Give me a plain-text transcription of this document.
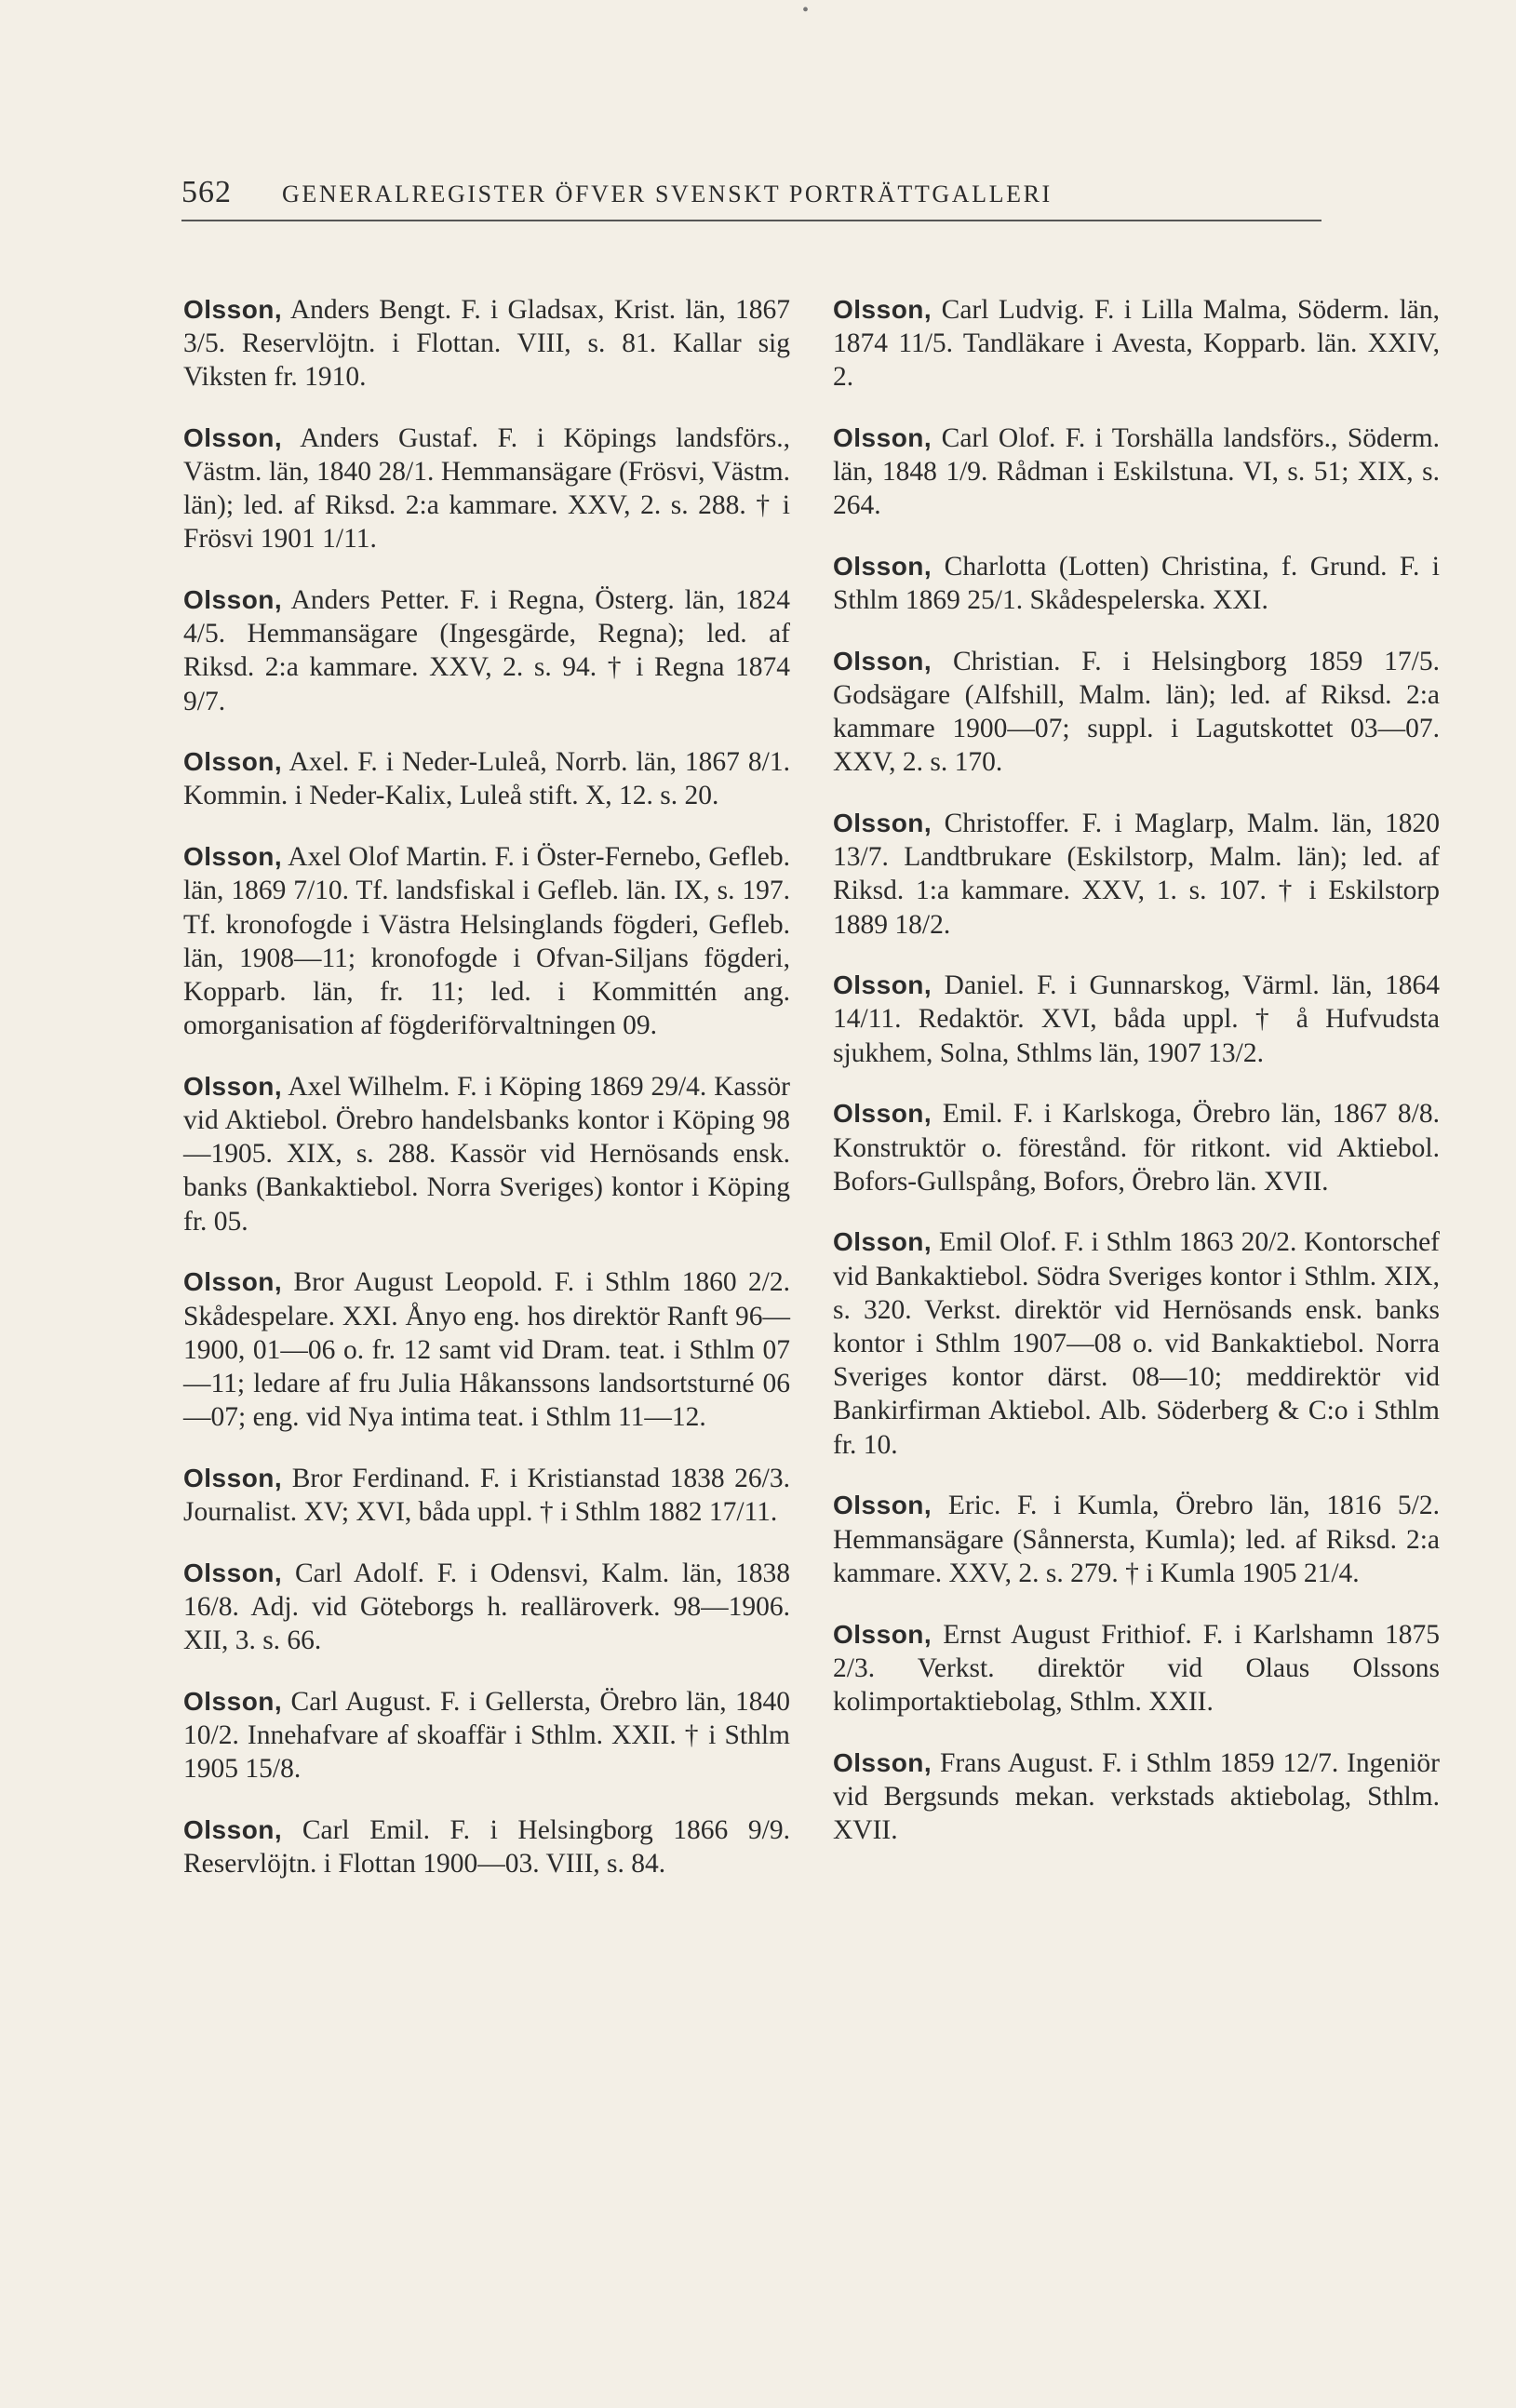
•
562 GENERALREGISTER ÖFVER SVENSKT PORTRÄTTGALLERI

Olsson, Anders Bengt. F. i Gladsax, Krist. län, 1867 3/5. Reservlöjtn. i Flottan. VIII, s. 81. Kallar sig Viksten fr. 1910.

Olsson, Anders Gustaf. F. i Köpings landsförs., Västm. län, 1840 28/1. Hemmansägare (Frösvi, Västm. län); led. af Riksd. 2:a kammare. XXV, 2. s. 288. † i Frösvi 1901 1/11.

Olsson, Anders Petter. F. i Regna, Österg. län, 1824 4/5. Hemmansägare (Ingesgärde, Regna); led. af Riksd. 2:a kammare. XXV, 2. s. 94. † i Regna 1874 9/7.

Olsson, Axel. F. i Neder-Luleå, Norrb. län, 1867 8/1. Kommin. i Neder-Kalix, Luleå stift. X, 12. s. 20.

Olsson, Axel Olof Martin. F. i Öster-Fernebo, Gefleb. län, 1869 7/10. Tf. landsfiskal i Gefleb. län. IX, s. 197. Tf. kronofogde i Västra Helsinglands fögderi, Gefleb. län, 1908—11; kronofogde i Ofvan-Siljans fögderi, Kopparb. län, fr. 11; led. i Kommittén ang. omorganisation af fögderiförvaltningen 09.

Olsson, Axel Wilhelm. F. i Köping 1869 29/4. Kassör vid Aktiebol. Örebro handelsbanks kontor i Köping 98—1905. XIX, s. 288. Kassör vid Hernösands ensk. banks (Bankaktiebol. Norra Sveriges) kontor i Köping fr. 05.

Olsson, Bror August Leopold. F. i Sthlm 1860 2/2. Skådespelare. XXI. Ånyo eng. hos direktör Ranft 96—1900, 01—06 o. fr. 12 samt vid Dram. teat. i Sthlm 07—11; ledare af fru Julia Håkanssons landsortsturné 06—07; eng. vid Nya intima teat. i Sthlm 11—12.

Olsson, Bror Ferdinand. F. i Kristianstad 1838 26/3. Journalist. XV; XVI, båda uppl. † i Sthlm 1882 17/11.

Olsson, Carl Adolf. F. i Odensvi, Kalm. län, 1838 16/8. Adj. vid Göteborgs h. realläroverk. 98—1906. XII, 3. s. 66.

Olsson, Carl August. F. i Gellersta, Örebro län, 1840 10/2. Innehafvare af skoaffär i Sthlm. XXII. † i Sthlm 1905 15/8.

Olsson, Carl Emil. F. i Helsingborg 1866 9/9. Reservlöjtn. i Flottan 1900—03. VIII, s. 84.

Olsson, Carl Ludvig. F. i Lilla Malma, Söderm. län, 1874 11/5. Tandläkare i Avesta, Kopparb. län. XXIV, 2.

Olsson, Carl Olof. F. i Torshälla landsförs., Söderm. län, 1848 1/9. Rådman i Eskilstuna. VI, s. 51; XIX, s. 264.

Olsson, Charlotta (Lotten) Christina, f. Grund. F. i Sthlm 1869 25/1. Skådespelerska. XXI.

Olsson, Christian. F. i Helsingborg 1859 17/5. Godsägare (Alfshill, Malm. län); led. af Riksd. 2:a kammare 1900—07; suppl. i Lagutskottet 03—07. XXV, 2. s. 170.

Olsson, Christoffer. F. i Maglarp, Malm. län, 1820 13/7. Landtbrukare (Eskilstorp, Malm. län); led. af Riksd. 1:a kammare. XXV, 1. s. 107. † i Eskilstorp 1889 18/2.

Olsson, Daniel. F. i Gunnarskog, Värml. län, 1864 14/11. Redaktör. XVI, båda uppl. † å Hufvudsta sjukhem, Solna, Sthlms län, 1907 13/2.

Olsson, Emil. F. i Karlskoga, Örebro län, 1867 8/8. Konstruktör o. förestånd. för ritkont. vid Aktiebol. Bofors-Gullspång, Bofors, Örebro län. XVII.

Olsson, Emil Olof. F. i Sthlm 1863 20/2. Kontorschef vid Bankaktiebol. Södra Sveriges kontor i Sthlm. XIX, s. 320. Verkst. direktör vid Hernösands ensk. banks kontor i Sthlm 1907—08 o. vid Bankaktiebol. Norra Sveriges kontor därst. 08—10; meddirektör vid Bankirfirman Aktiebol. Alb. Söderberg & C:o i Sthlm fr. 10.

Olsson, Eric. F. i Kumla, Örebro län, 1816 5/2. Hemmansägare (Sånnersta, Kumla); led. af Riksd. 2:a kammare. XXV, 2. s. 279. † i Kumla 1905 21/4.

Olsson, Ernst August Frithiof. F. i Karlshamn 1875 2/3. Verkst. direktör vid Olaus Olssons kolimportaktiebolag, Sthlm. XXII.

Olsson, Frans August. F. i Sthlm 1859 12/7. Ingeniör vid Bergsunds mekan. verkstads aktiebolag, Sthlm. XVII.
